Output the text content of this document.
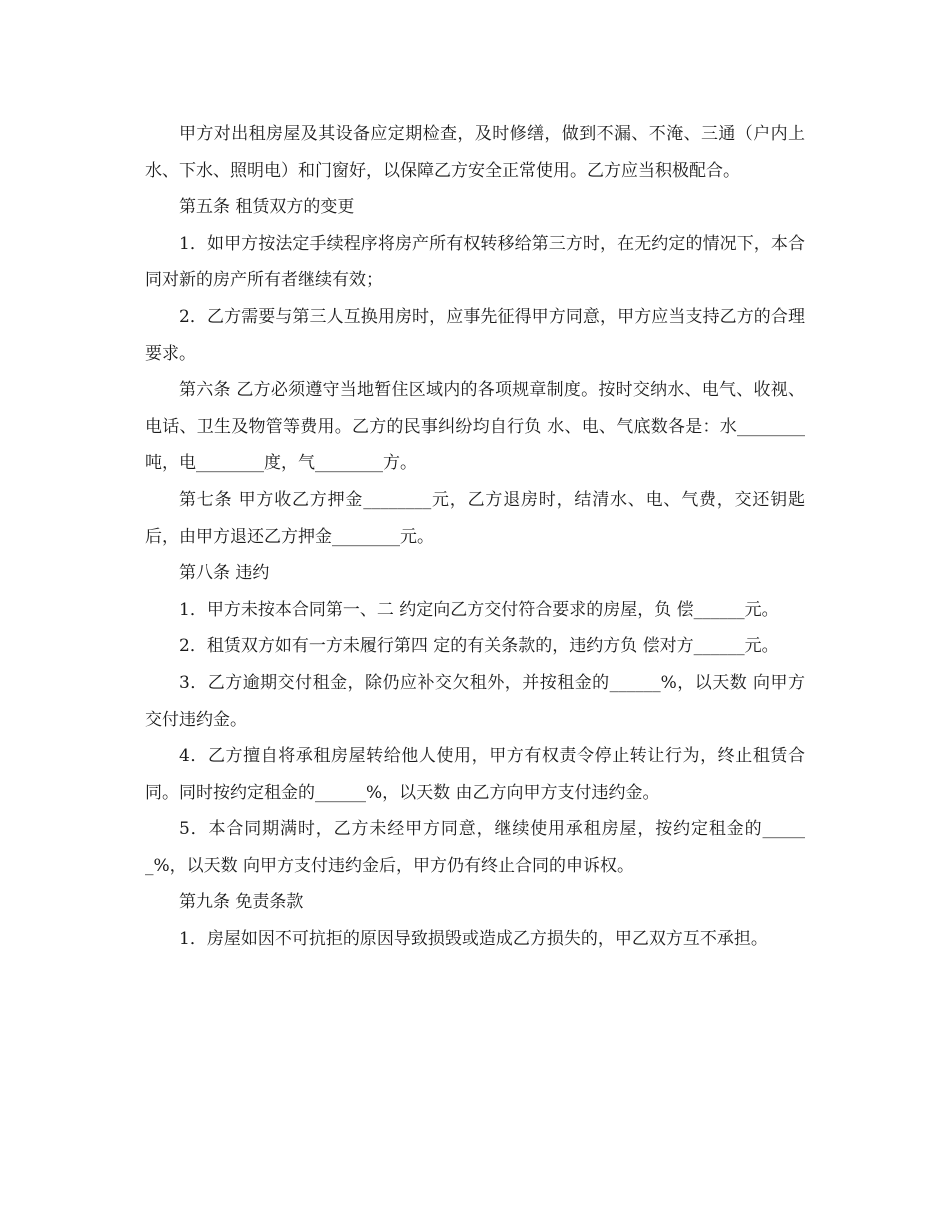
甲方对出租房屋及其设备应定期检查，及时修缮，做到不漏、不淹、三通（户内上水、下水、照明电）和门窗好，以保障乙方安全正常使用。乙方应当积极配合。

第五条 租赁双方的变更

1．如甲方按法定手续程序将房产所有权转移给第三方时，在无约定的情况下，本合同对新的房产所有者继续有效；

2．乙方需要与第三人互换用房时，应事先征得甲方同意，甲方应当支持乙方的合理要求。

第六条 乙方必须遵守当地暂住区域内的各项规章制度。按时交纳水、电气、收视、电话、卫生及物管等费用。乙方的民事纠纷均自行负 水、电、气底数各是：水________吨，电________度，气________方。

第七条 甲方收乙方押金________元，乙方退房时，结清水、电、气费，交还钥匙后，由甲方退还乙方押金________元。

第八条 违约

1．甲方未按本合同第一、二 约定向乙方交付符合要求的房屋，负 偿______元。

2．租赁双方如有一方未履行第四 定的有关条款的，违约方负 偿对方______元。

3．乙方逾期交付租金，除仍应补交欠租外，并按租金的______%，以天数 向甲方交付违约金。

4．乙方擅自将承租房屋转给他人使用，甲方有权责令停止转让行为，终止租赁合同。同时按约定租金的______%，以天数 由乙方向甲方支付违约金。

5．本合同期满时，乙方未经甲方同意，继续使用承租房屋，按约定租金的______%，以天数 向甲方支付违约金后，甲方仍有终止合同的申诉权。

第九条 免责条款

1．房屋如因不可抗拒的原因导致损毁或造成乙方损失的，甲乙双方互不承担。
